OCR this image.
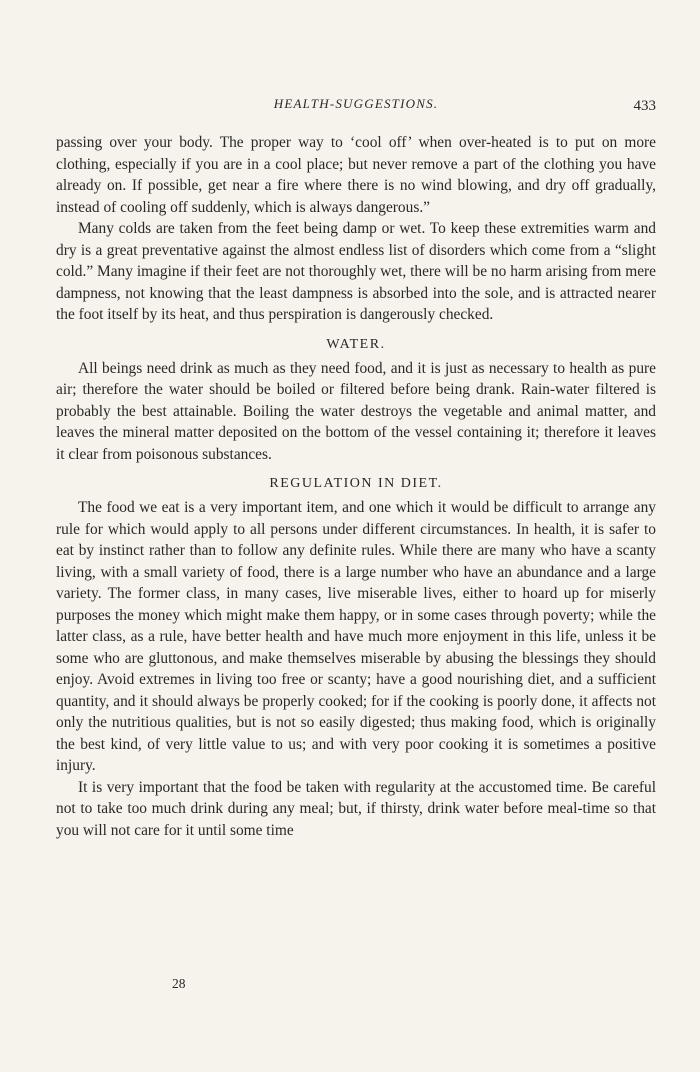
HEALTH-SUGGESTIONS.	433

passing over your body. The proper way to ‘cool off’ when over-heated is to put on more clothing, especially if you are in a cool place; but never remove a part of the clothing you have already on. If possible, get near a fire where there is no wind blowing, and dry off gradually, instead of cooling off suddenly, which is always dangerous.”

Many colds are taken from the feet being damp or wet. To keep these extremities warm and dry is a great preventative against the almost endless list of disorders which come from a “slight cold.” Many imagine if their feet are not thoroughly wet, there will be no harm arising from mere dampness, not knowing that the least dampness is absorbed into the sole, and is attracted nearer the foot itself by its heat, and thus perspiration is dangerously checked.

WATER.

All beings need drink as much as they need food, and it is just as necessary to health as pure air; therefore the water should be boiled or filtered before being drank. Rain-water filtered is probably the best attainable. Boiling the water destroys the vegetable and animal matter, and leaves the mineral matter deposited on the bottom of the vessel containing it; therefore it leaves it clear from poisonous substances.

REGULATION IN DIET.

The food we eat is a very important item, and one which it would be difficult to arrange any rule for which would apply to all persons under different circumstances. In health, it is safer to eat by instinct rather than to follow any definite rules. While there are many who have a scanty living, with a small variety of food, there is a large number who have an abundance and a large variety. The former class, in many cases, live miserable lives, either to hoard up for miserly purposes the money which might make them happy, or in some cases through poverty; while the latter class, as a rule, have better health and have much more enjoyment in this life, unless it be some who are gluttonous, and make themselves miserable by abusing the blessings they should enjoy. Avoid extremes in living too free or scanty; have a good nourishing diet, and a sufficient quantity, and it should always be properly cooked; for if the cooking is poorly done, it affects not only the nutritious qualities, but is not so easily digested; thus making food, which is originally the best kind, of very little value to us; and with very poor cooking it is sometimes a positive injury.

It is very important that the food be taken with regularity at the accustomed time. Be careful not to take too much drink during any meal; but, if thirsty, drink water before meal-time so that you will not care for it until some time

28
